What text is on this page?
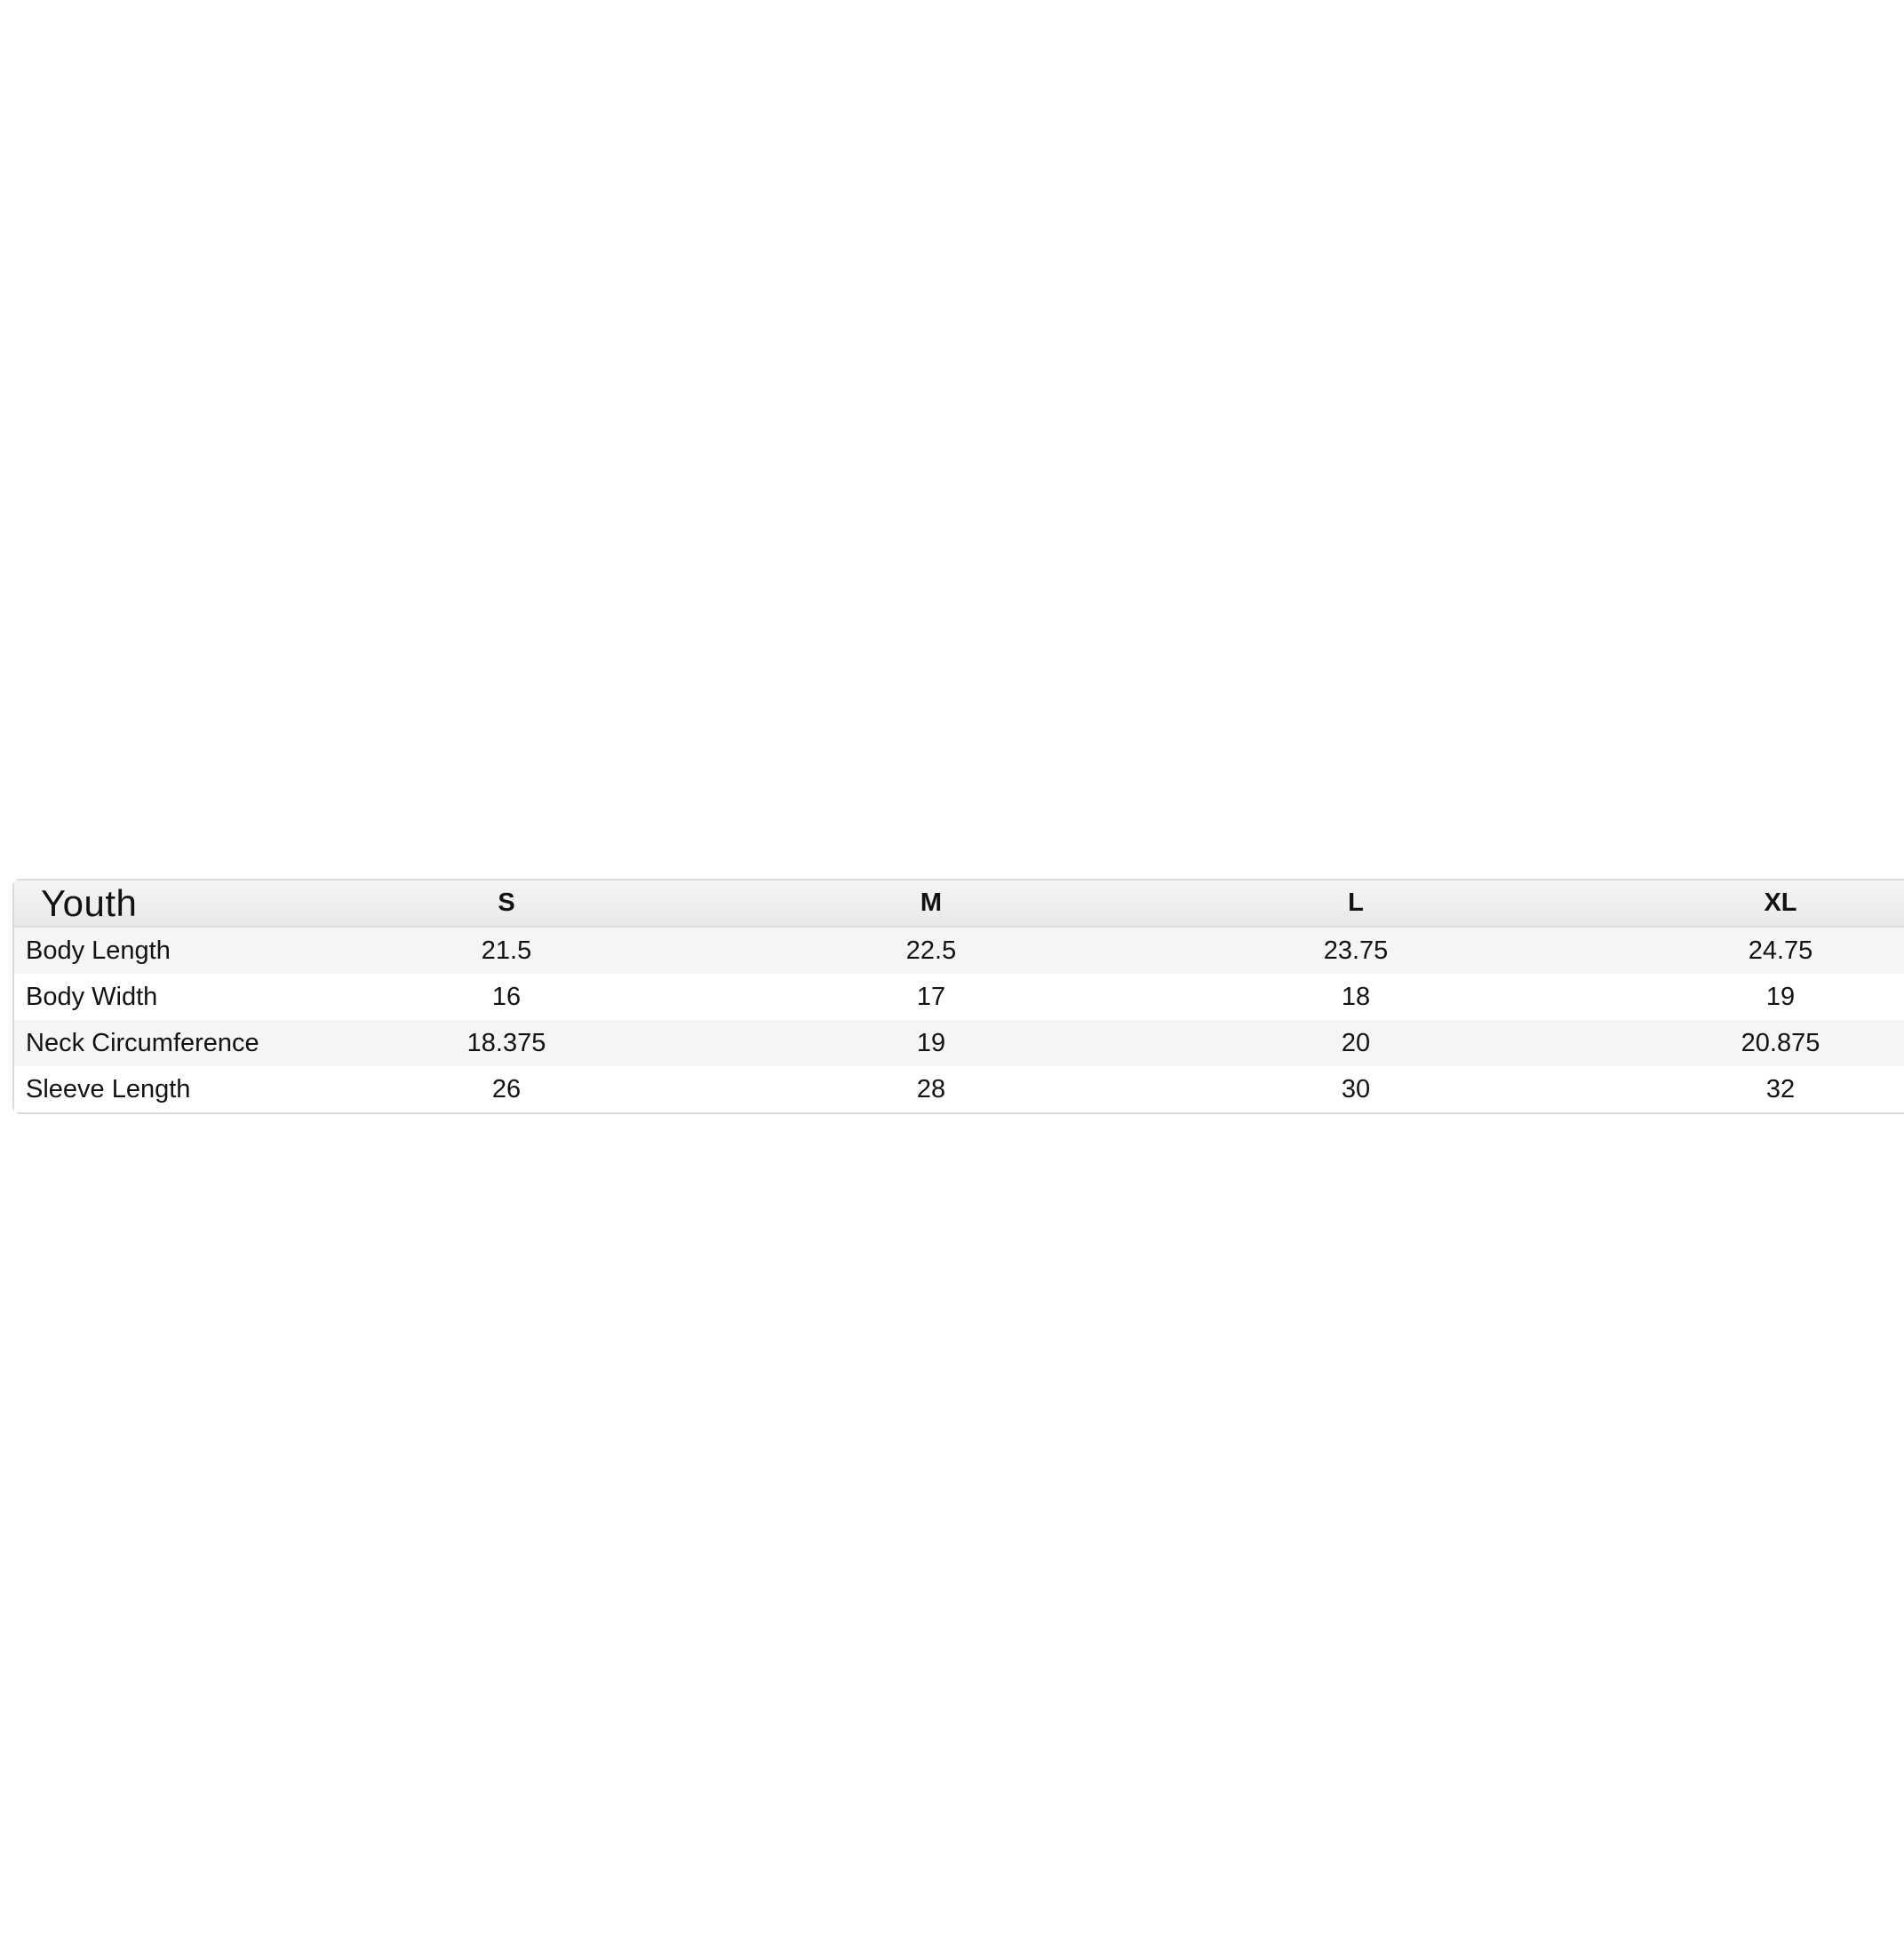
Youth	S	M	L	XL
Body Length	21.5	22.5	23.75	24.75
Body Width	16	17	18	19
Neck Circumference	18.375	19	20	20.875
Sleeve Length	26	28	30	32
